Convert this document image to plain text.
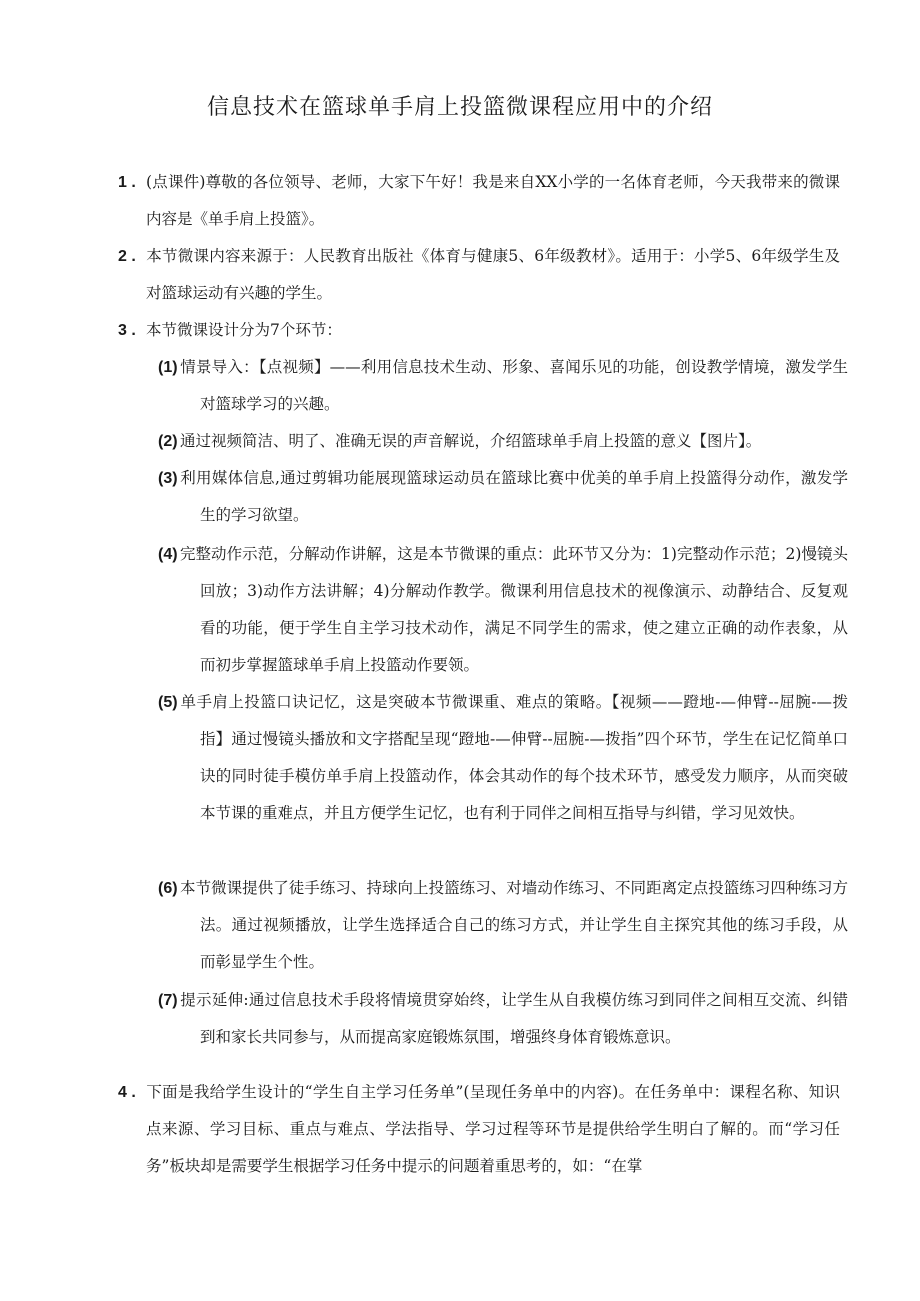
信息技术在篮球单手肩上投篮微课程应用中的介绍
1 . (点课件)尊敬的各位领导、老师，大家下午好！我是来自XX小学的一名体育老师，今天我带来的微课内容是《单手肩上投篮》。
2 . 本节微课内容来源于：人民教育出版社《体育与健康5、6年级教材》。适用于：小学5、6年级学生及对篮球运动有兴趣的学生。
3 . 本节微课设计分为7个环节：
(1) 情景导入：【点视频】——利用信息技术生动、形象、喜闻乐见的功能，创设教学情境，激发学生对篮球学习的兴趣。
(2) 通过视频简洁、明了、准确无误的声音解说，介绍篮球单手肩上投篮的意义【图片】。
(3) 利用媒体信息,通过剪辑功能展现篮球运动员在篮球比赛中优美的单手肩上投篮得分动作，激发学生的学习欲望。
(4) 完整动作示范，分解动作讲解，这是本节微课的重点：此环节又分为：1)完整动作示范；2)慢镜头回放；3)动作方法讲解；4)分解动作教学。微课利用信息技术的视像演示、动静结合、反复观看的功能，便于学生自主学习技术动作，满足不同学生的需求，使之建立正确的动作表象，从而初步掌握篮球单手肩上投篮动作要领。
(5) 单手肩上投篮口诀记忆，这是突破本节微课重、难点的策略。【视频——蹬地-—伸臂--屈腕-—拨指】通过慢镜头播放和文字搭配呈现“蹬地-—伸臂--屈腕-—拨指”四个环节，学生在记忆简单口诀的同时徒手模仿单手肩上投篮动作，体会其动作的每个技术环节，感受发力顺序，从而突破本节课的重难点，并且方便学生记忆，也有利于同伴之间相互指导与纠错，学习见效快。
(6) 本节微课提供了徒手练习、持球向上投篮练习、对墙动作练习、不同距离定点投篮练习四种练习方法。通过视频播放，让学生选择适合自己的练习方式，并让学生自主探究其他的练习手段，从而彰显学生个性。
(7) 提示延伸:通过信息技术手段将情境贯穿始终，让学生从自我模仿练习到同伴之间相互交流、纠错到和家长共同参与，从而提高家庭锻炼氛围，增强终身体育锻炼意识。
4 . 下面是我给学生设计的“学生自主学习任务单”(呈现任务单中的内容)。在任务单中：课程名称、知识点来源、学习目标、重点与难点、学法指导、学习过程等环节是提供给学生明白了解的。而“学习任务”板块却是需要学生根据学习任务中提示的问题着重思考的，如：“在掌
